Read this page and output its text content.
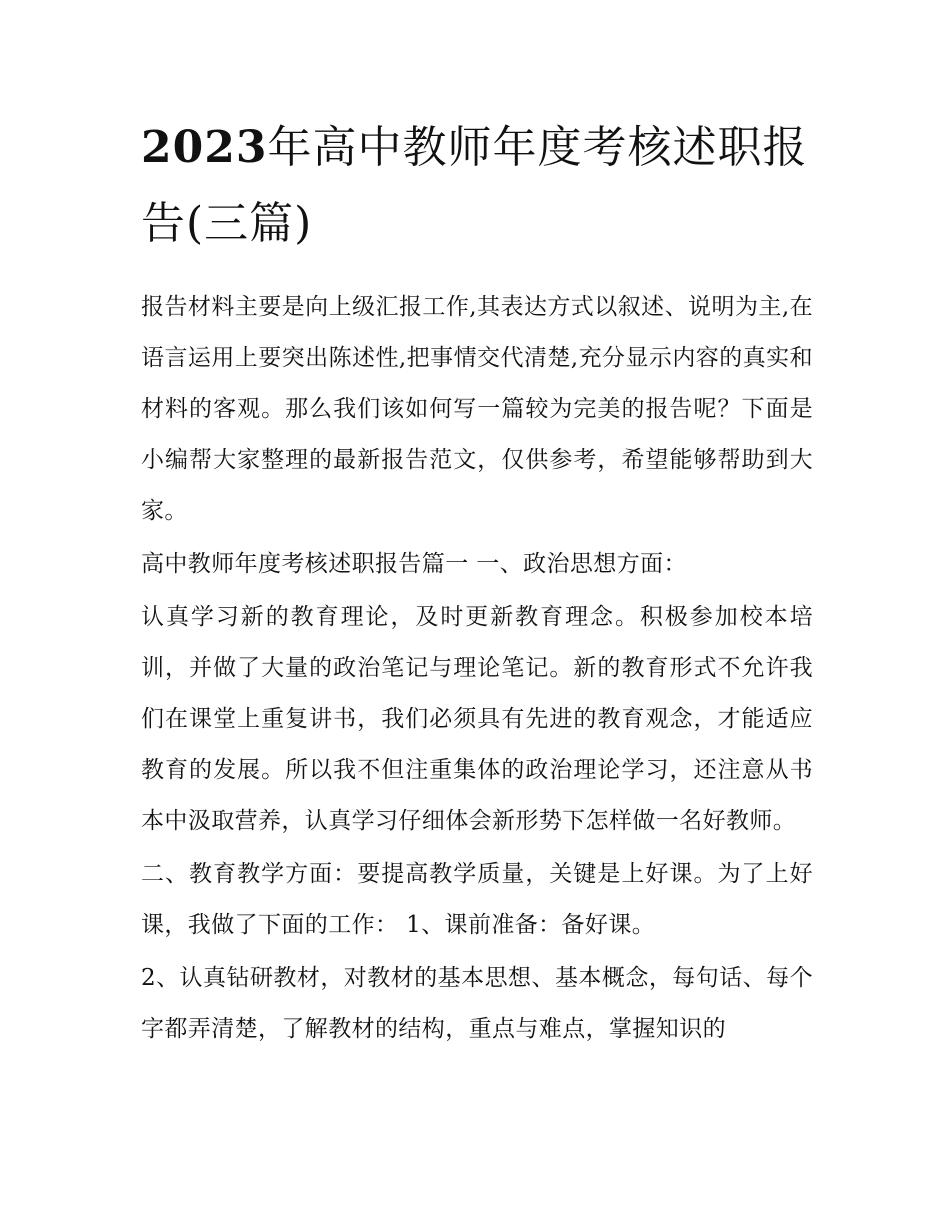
2023年高中教师年度考核述职报告(三篇)

报告材料主要是向上级汇报工作,其表达方式以叙述、说明为主,在语言运用上要突出陈述性,把事情交代清楚,充分显示内容的真实和材料的客观。那么我们该如何写一篇较为完美的报告呢？下面是小编帮大家整理的最新报告范文，仅供参考，希望能够帮助到大家。

高中教师年度考核述职报告篇一 一、政治思想方面：

认真学习新的教育理论，及时更新教育理念。积极参加校本培训，并做了大量的政治笔记与理论笔记。新的教育形式不允许我们在课堂上重复讲书，我们必须具有先进的教育观念，才能适应教育的发展。所以我不但注重集体的政治理论学习，还注意从书本中汲取营养，认真学习仔细体会新形势下怎样做一名好教师。

二、教育教学方面：要提高教学质量，关键是上好课。为了上好课，我做了下面的工作： 1、课前准备：备好课。

2、认真钻研教材，对教材的基本思想、基本概念，每句话、每个字都弄清楚，了解教材的结构，重点与难点，掌握知识的
